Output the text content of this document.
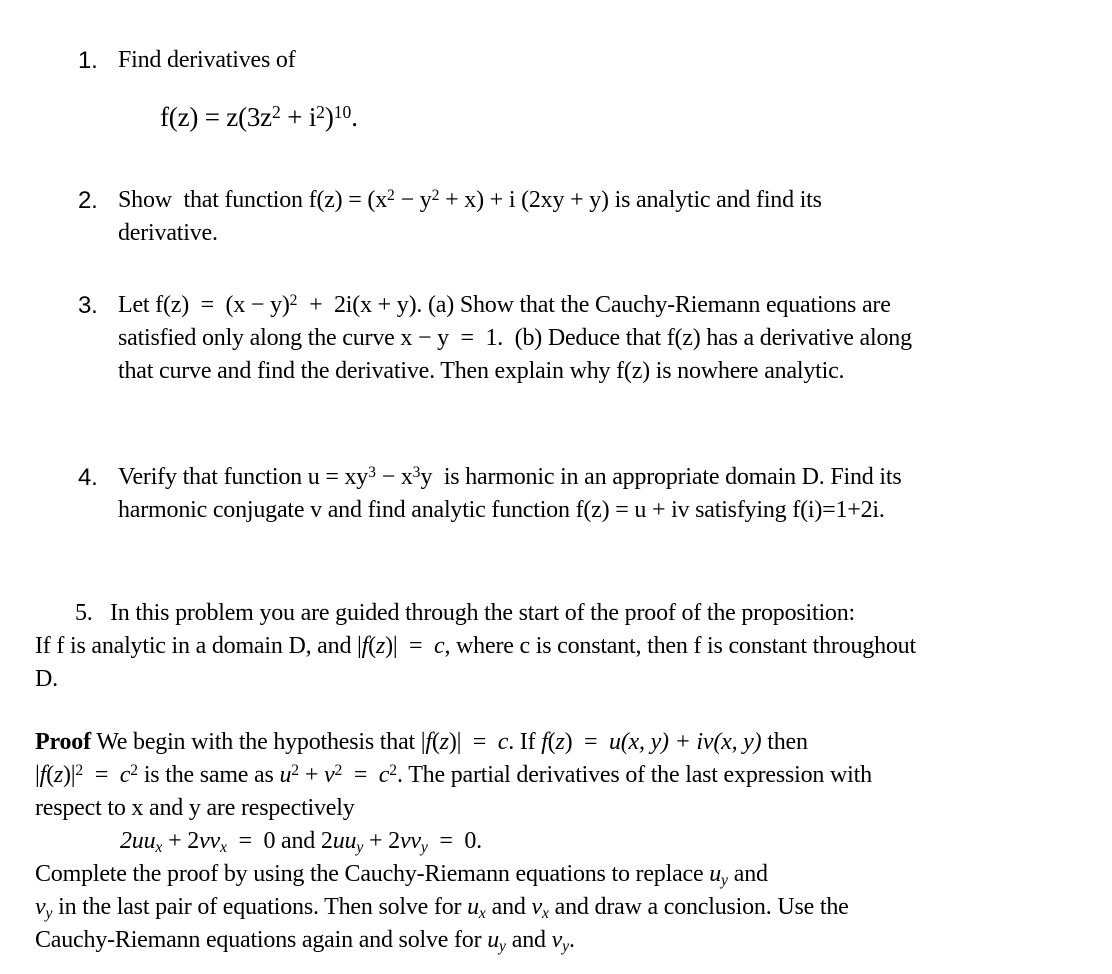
1. Find derivatives of
$f(z) = z(3z^2 + i^2)^{10}$.
2. Show  that function $f(z) = (x^2 - y^2 + x) + i$ (2xy + y) is analytic and find its
derivative.
3. Let $f(z) = (x - y)^2 + 2i(x + y)$. (a) Show that the Cauchy-Riemann equations are
satisfied only along the curve x − y  =  1.  (b) Deduce that f(z) has a derivative along
that curve and find the derivative. Then explain why f(z) is nowhere analytic.
4. Verify that function $u = xy^3 - x^3y$  is harmonic in an appropriate domain D. Find its
harmonic conjugate v and find analytic function f(z) = u + iv satisfying f(i)=1+2i.
5.   In this problem you are guided through the start of the proof of the proposition:
If f is analytic in a domain D, and |f(z)|  =  c, where c is constant, then f is constant throughout
D.
Proof We begin with the hypothesis that |f(z)|  =  c. If f(z)  =  u(x, y) + iv(x, y) then
$|f(z)|^2 = c^2$ is the same as $u^2 + v^2 = c^2$. The partial derivatives of the last expression with
respect to x and y are respectively
$2uu_x + 2vv_x = 0$ and $2uu_y + 2vv_y = 0$.
Complete the proof by using the Cauchy-Riemann equations to replace $u_y$ and
$v_y$ in the last pair of equations. Then solve for $u_x$ and $v_x$ and draw a conclusion. Use the
Cauchy-Riemann equations again and solve for $u_y$ and $v_y$.
